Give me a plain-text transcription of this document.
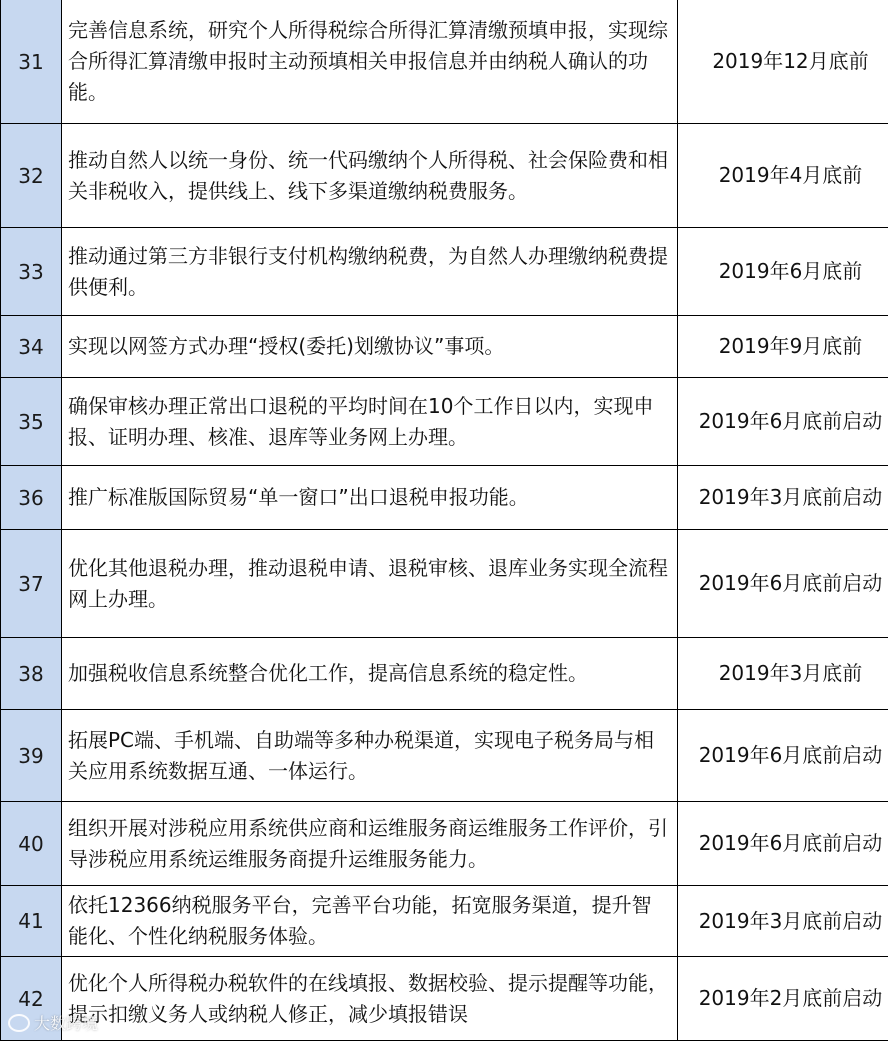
31	完善信息系统，研究个人所得税综合所得汇算清缴预填申报，实现综合所得汇算清缴申报时主动预填相关申报信息并由纳税人确认的功能。	2019年12月底前
32	推动自然人以统一身份、统一代码缴纳个人所得税、社会保险费和相关非税收入，提供线上、线下多渠道缴纳税费服务。	2019年4月底前
33	推动通过第三方非银行支付机构缴纳税费，为自然人办理缴纳税费提供便利。	2019年6月底前
34	实现以网签方式办理“授权(委托)划缴协议”事项。	2019年9月底前
35	确保审核办理正常出口退税的平均时间在10个工作日以内，实现申报、证明办理、核准、退库等业务网上办理。	2019年6月底前启动
36	推广标准版国际贸易“单一窗口”出口退税申报功能。	2019年3月底前启动
37	优化其他退税办理，推动退税申请、退税审核、退库业务实现全流程网上办理。	2019年6月底前启动
38	加强税收信息系统整合优化工作，提高信息系统的稳定性。	2019年3月底前
39	拓展PC端、手机端、自助端等多种办税渠道，实现电子税务局与相关应用系统数据互通、一体运行。	2019年6月底前启动
40	组织开展对涉税应用系统供应商和运维服务商运维服务工作评价，引导涉税应用系统运维服务商提升运维服务能力。	2019年6月底前启动
41	依托12366纳税服务平台，完善平台功能，拓宽服务渠道，提升智能化、个性化纳税服务体验。	2019年3月底前启动
42	优化个人所得税办税软件的在线填报、数据校验、提示提醒等功能，提示扣缴义务人或纳税人修正，减少填报错误	2019年2月底前启动
大数跨境
